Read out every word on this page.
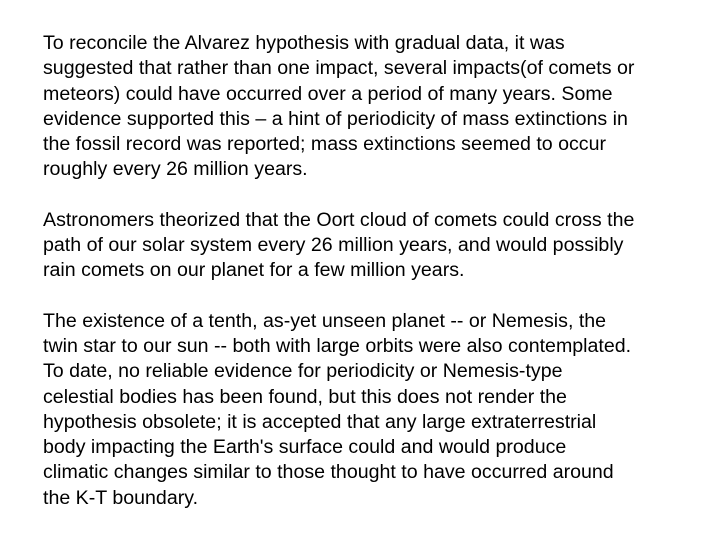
To reconcile the Alvarez hypothesis with gradual data, it was
suggested that rather than one impact, several impacts(of comets or
meteors) could have occurred over a period of many years. Some
evidence supported this – a hint of periodicity of mass extinctions in
the fossil record was reported; mass extinctions seemed to occur
roughly every 26 million years.
Astronomers theorized that the Oort cloud of comets could cross the
path of our solar system every 26 million years, and would possibly
rain comets on our planet for a few million years.
The existence of a tenth, as-yet unseen planet -- or Nemesis, the
twin star to our sun -- both with large orbits were also contemplated.
To date, no reliable evidence for periodicity or Nemesis-type
celestial bodies has been found, but this does not render the
hypothesis obsolete; it is accepted that any large extraterrestrial
body impacting the Earth's surface could and would produce
climatic changes similar to those thought to have occurred around
the K-T boundary.
